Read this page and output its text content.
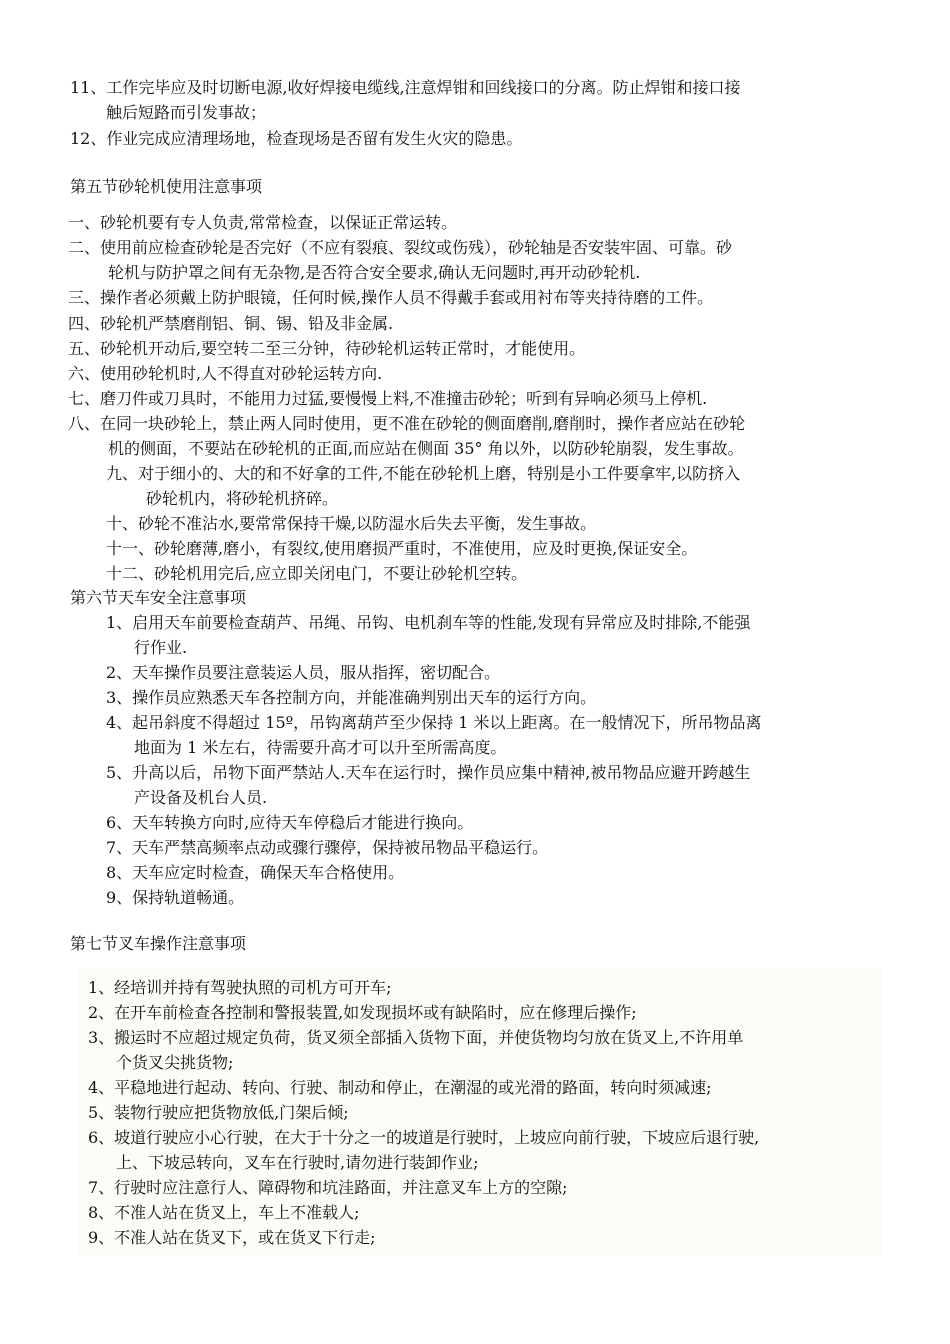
11、工作完毕应及时切断电源,收好焊接电缆线,注意焊钳和回线接口的分离。防止焊钳和接口接
触后短路而引发事故；
12、作业完成应清理场地，检查现场是否留有发生火灾的隐患。
第五节砂轮机使用注意事项
一、砂轮机要有专人负责,常常检查，以保证正常运转。
二、使用前应检查砂轮是否完好（不应有裂痕、裂纹或伤残），砂轮轴是否安装牢固、可靠。砂
轮机与防护罩之间有无杂物,是否符合安全要求,确认无问题时,再开动砂轮机.
三、操作者必须戴上防护眼镜，任何时候,操作人员不得戴手套或用衬布等夹持待磨的工件。
四、砂轮机严禁磨削铝、铜、锡、铅及非金属.
五、砂轮机开动后,要空转二至三分钟，待砂轮机运转正常时，才能使用。
六、使用砂轮机时,人不得直对砂轮运转方向.
七、磨刀件或刀具时，不能用力过猛,要慢慢上料,不准撞击砂轮；听到有异响必须马上停机.
八、在同一块砂轮上，禁止两人同时使用，更不准在砂轮的侧面磨削,磨削时，操作者应站在砂轮
机的侧面，不要站在砂轮机的正面,而应站在侧面 35° 角以外，以防砂轮崩裂，发生事故。
九、对于细小的、大的和不好拿的工件,不能在砂轮机上磨，特别是小工件要拿牢,以防挤入
砂轮机内，将砂轮机挤碎。
十、砂轮不准沾水,要常常保持干燥,以防湿水后失去平衡，发生事故。
十一、砂轮磨薄,磨小，有裂纹,使用磨损严重时，不准使用，应及时更换,保证安全。
十二、砂轮机用完后,应立即关闭电门，不要让砂轮机空转。
第六节天车安全注意事项
1、启用天车前要检查葫芦、吊绳、吊钩、电机刹车等的性能,发现有异常应及时排除,不能强
行作业.
2、天车操作员要注意装运人员，服从指挥，密切配合。
3、操作员应熟悉天车各控制方向，并能准确判别出天车的运行方向。
4、起吊斜度不得超过 15º，吊钩离葫芦至少保持 1 米以上距离。在一般情况下，所吊物品离
地面为 1 米左右，待需要升高才可以升至所需高度。
5、升高以后，吊物下面严禁站人.天车在运行时，操作员应集中精神,被吊物品应避开跨越生
产设备及机台人员.
6、天车转换方向时,应待天车停稳后才能进行换向。
7、天车严禁高频率点动或骤行骤停，保持被吊物品平稳运行。
8、天车应定时检查，确保天车合格使用。
9、保持轨道畅通。
第七节叉车操作注意事项
1、经培训并持有驾驶执照的司机方可开车;
2、在开车前检查各控制和警报装置,如发现损坏或有缺陷时，应在修理后操作;
3、搬运时不应超过规定负荷，货叉须全部插入货物下面，并使货物均匀放在货叉上,不许用单
个货叉尖挑货物;
4、平稳地进行起动、转向、行驶、制动和停止，在潮湿的或光滑的路面，转向时须减速;
5、装物行驶应把货物放低,门架后倾;
6、坡道行驶应小心行驶，在大于十分之一的坡道是行驶时，上坡应向前行驶，下坡应后退行驶,
上、下坡忌转向，叉车在行驶时,请勿进行装卸作业;
7、行驶时应注意行人、障碍物和坑洼路面，并注意叉车上方的空隙;
8、不准人站在货叉上，车上不准载人;
9、不准人站在货叉下，或在货叉下行走;
